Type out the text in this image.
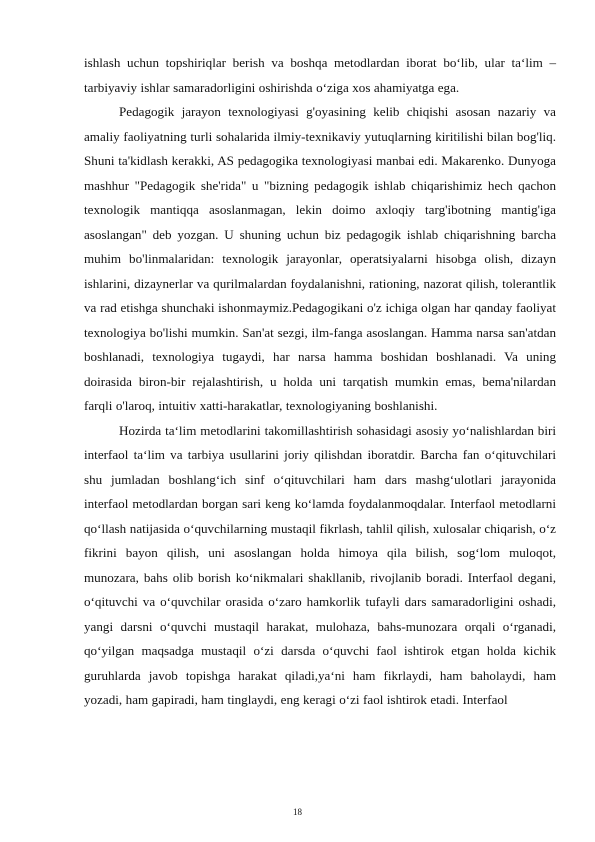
ishlash uchun topshiriqlar berish va boshqa metodlardan iborat bo‘lib, ular ta‘lim – tarbiyaviy ishlar samaradorligini oshirishda o‘ziga xos ahamiyatga ega.

Pedagogik jarayon texnologiyasi g'oyasining kelib chiqishi asosan nazariy va amaliy faoliyatning turli sohalarida ilmiy-texnikaviy yutuqlarning kiritilishi bilan bog'liq. Shuni ta'kidlash kerakki, AS pedagogika texnologiyasi manbai edi. Makarenko. Dunyoga mashhur "Pedagogik she'rida" u "bizning pedagogik ishlab chiqarishimiz hech qachon texnologik mantiqqa asoslanmagan, lekin doimo axloqiy targ'ibotning mantig'iga asoslangan" deb yozgan. U shuning uchun biz pedagogik ishlab chiqarishning barcha muhim bo'linmalaridan: texnologik jarayonlar, operatsiyalarni hisobga olish, dizayn ishlarini, dizaynerlar va qurilmalardan foydalanishni, rationing, nazorat qilish, tolerantlik va rad etishga shunchaki ishonmaymiz.Pedagogikani o'z ichiga olgan har qanday faoliyat texnologiya bo'lishi mumkin. San'at sezgi, ilm-fanga asoslangan. Hamma narsa san'atdan boshlanadi, texnologiya tugaydi, har narsa hamma boshidan boshlanadi. Va uning doirasida biron-bir rejalashtirish, u holda uni tarqatish mumkin emas, bema'nilardan farqli o'laroq, intuitiv xatti-harakatlar, texnologiyaning boshlanishi.

Hozirda ta‘lim metodlarini takomillashtirish sohasidagi asosiy yo‘nalishlardan biri interfaol ta‘lim va tarbiya usullarini joriy qilishdan iboratdir. Barcha fan o‘qituvchilari shu jumladan boshlang‘ich sinf o‘qituvchilari ham dars mashg‘ulotlari jarayonida interfaol metodlardan borgan sari keng ko‘lamda foydalanmoqdalar. Interfaol metodlarni qo‘llash natijasida o‘quvchilarning mustaqil fikrlash, tahlil qilish, xulosalar chiqarish, o‘z fikrini bayon qilish, uni asoslangan holda himoya qila bilish, sog‘lom muloqot, munozara, bahs olib borish ko‘nikmalari shakllanib, rivojlanib boradi. Interfaol degani, o‘qituvchi va o‘quvchilar orasida o‘zaro hamkorlik tufayli dars samaradorligini oshadi, yangi darsni o‘quvchi mustaqil harakat, mulohaza, bahs-munozara orqali o‘rganadi, qo‘yilgan maqsadga mustaqil o‘zi darsda o‘quvchi faol ishtirok etgan holda kichik guruhlarda javob topishga harakat qiladi,ya‘ni ham fikrlaydi, ham baholaydi, ham yozadi, ham gapiradi, ham tinglaydi, eng keragi o‘zi faol ishtirok etadi. Interfaol

18
